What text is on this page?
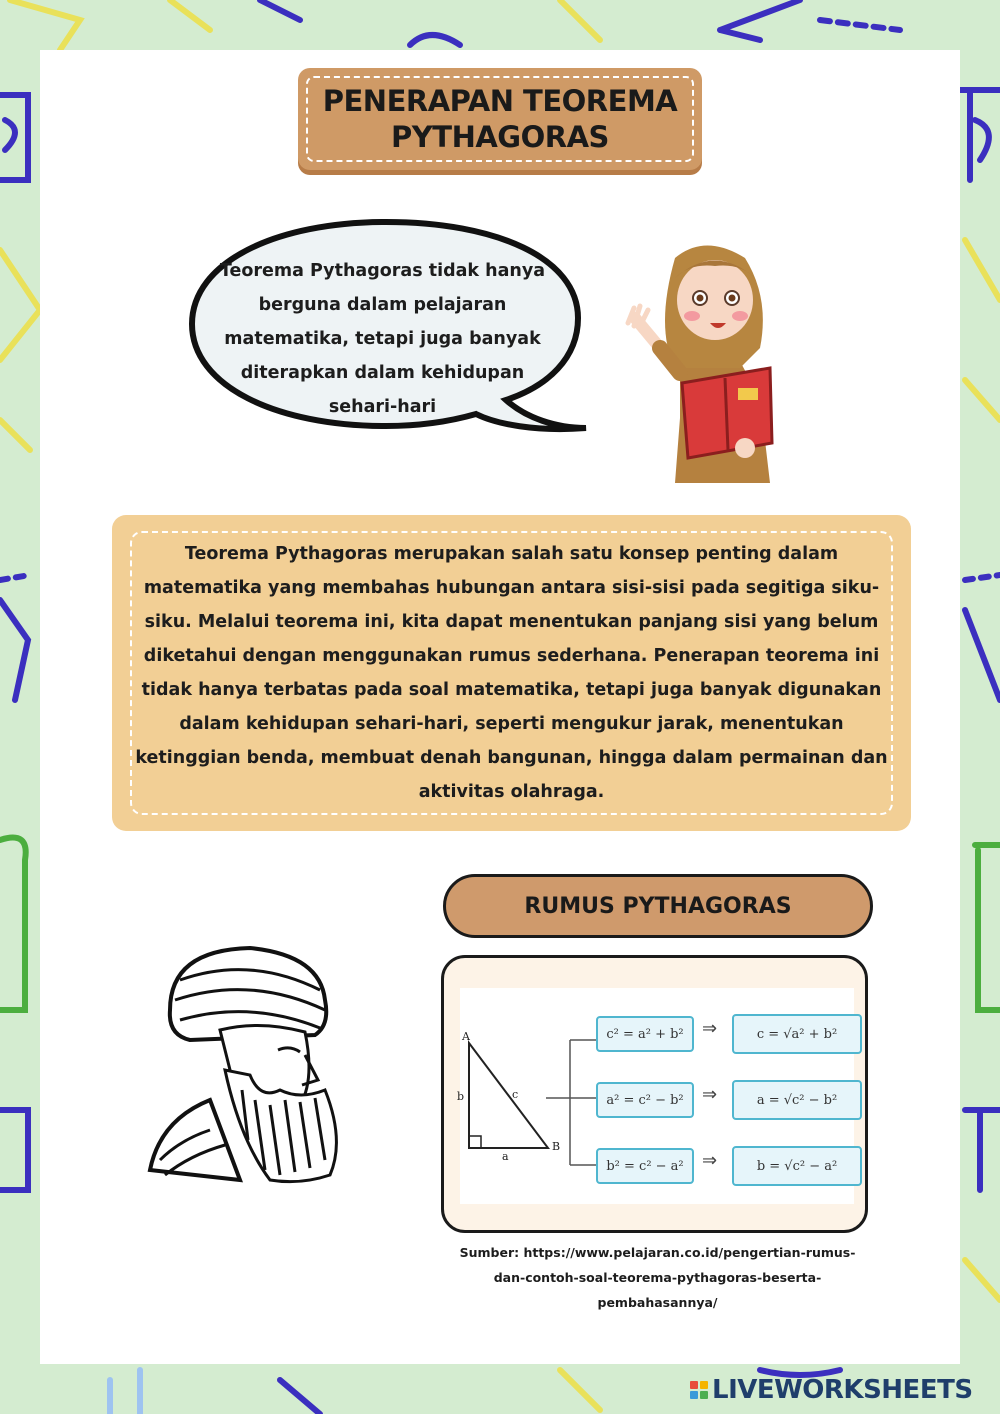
PENERAPAN TEOREMA
PYTHAGORAS
Teorema Pythagoras tidak hanya berguna dalam pelajaran matematika, tetapi juga banyak diterapkan dalam kehidupan sehari-hari
Teorema Pythagoras merupakan salah satu konsep penting dalam matematika yang membahas hubungan antara sisi-sisi pada segitiga siku-siku. Melalui teorema ini, kita dapat menentukan panjang sisi yang belum diketahui dengan menggunakan rumus sederhana. Penerapan teorema ini tidak hanya terbatas pada soal matematika, tetapi juga banyak digunakan dalam kehidupan sehari-hari, seperti mengukur jarak, menentukan ketinggian benda, membuat denah bangunan, hingga dalam permainan dan aktivitas olahraga.
RUMUS PYTHAGORAS
A
B
b
a
c
c² = a² + b²	⇒	c = √a² + b²
a² = c² − b²	⇒	a = √c² − b²
b² = c² − a²	⇒	b = √c² − a²
Sumber: https://www.pelajaran.co.id/pengertian-rumus-dan-contoh-soal-teorema-pythagoras-beserta-pembahasannya/
LIVEWORKSHEETS
